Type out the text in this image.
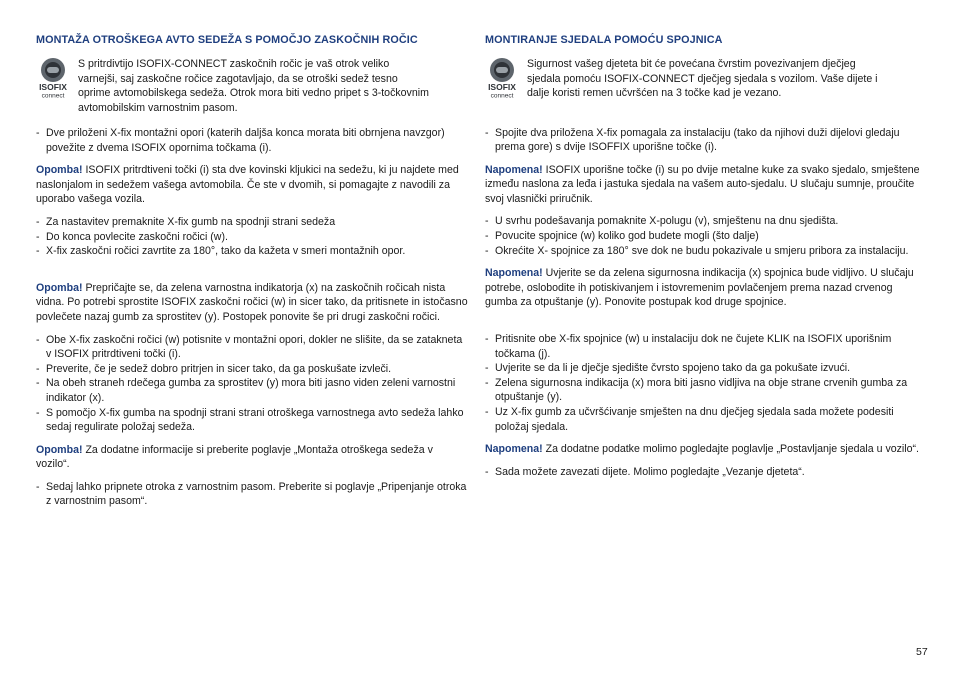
MONTAŽA OTROŠKEGA AVTO SEDEŽA S POMOČJO ZASKOČNIH ROČIC
ISOFIX
connect
S pritrdivtijo ISOFIX-CONNECT zaskočnih ročic je vaš otrok veliko
varnejši, saj zaskočne ročice zagotavljajo, da se otroški sedež tesno
oprime avtomobilskega sedeža. Otrok mora biti vedno pripet s 3-točkovnim
avtomobilskim varnostnim pasom.
- Dve priloženi X-fix montažni opori (katerih daljša konca morata biti obrnjena navzgor) povežite z dvema ISOFIX opornima točkama (i).

Opomba! ISOFIX pritrdtiveni točki (i) sta dve kovinski kljukici na sedežu, ki ju najdete med naslonjalom in sedežem vašega avtomobila. Če ste v dvomih, si pomagajte z navodili za uporabo vašega vozila.

- Za nastavitev premaknite X-fix gumb na spodnji strani sedeža
- Do konca povlecite zaskočni ročici (w).
- X-fix zaskočni ročici zavrtite za 180°, tako da kažeta v smeri montažnih opor.

Opomba! Prepričajte se, da zelena varnostna indikatorja (x) na zaskočnih ročicah nista vidna. Po potrebi sprostite ISOFIX zaskočni ročici (w) in sicer tako, da pritisnete in istočasno povlečete nazaj gumb za sprostitev (y). Postopek ponovite še pri drugi zaskočni ročici.

- Obe X-fix zaskočni ročici (w) potisnite v montažni opori, dokler ne slišite, da se zatakneta v ISOFIX pritrdtiveni točki (i).
- Preverite, če je sedež dobro pritrjen in sicer tako, da ga poskušate izvleči.
- Na obeh straneh rdečega gumba za sprostitev (y) mora biti jasno viden zeleni varnostni indikator (x).
- S pomočjo X-fix gumba na spodnji strani strani otroškega varnostnega avto sedeža lahko sedaj regulirate položaj sedeža.

Opomba! Za dodatne informacije si preberite poglavje „Montaža otroškega sedeža v vozilo“.

- Sedaj lahko pripnete otroka z varnostnim pasom. Preberite si poglavje „Pripenjanje otroka z varnostnim pasom“.
MONTIRANJE SJEDALA POMOĆU SPOJNICA
ISOFIX
connect
Sigurnost vašeg djeteta bit će povećana čvrstim povezivanjem dječjeg
sjedala pomoću ISOFIX-CONNECT dječjeg sjedala s vozilom. Vaše dijete i
dalje koristi remen učvršćen na 3 točke kad je vezano.
- Spojite dva priložena X-fix pomagala za instalaciju (tako da njihovi duži dijelovi gledaju prema gore) s dvije ISOFFIX uporišne točke (i).

Napomena! ISOFIX uporišne točke (i) su po dvije metalne kuke za svako sjedalo, smještene između naslona za leđa i jastuka sjedala na vašem auto-sjedalu. U slučaju sumnje, proučite svoj vlasnički priručnik.

- U svrhu podešavanja pomaknite X-polugu (v), smještenu na dnu sjedišta.
- Povucite spojnice (w) koliko god budete mogli (što dalje)
- Okrećite X- spojnice za 180° sve dok ne budu pokazivale u smjeru pribora za instalaciju.

Napomena! Uvjerite se da zelena sigurnosna indikacija (x) spojnica bude vidljivo. U slučaju potrebe, oslobodite ih potiskivanjem i istovremenim povlačenjem prema nazad crvenog gumba za otpuštanje (y). Ponovite postupak kod druge spojnice.

- Pritisnite obe X-fix spojnice (w) u instalaciju dok ne čujete KLIK na ISOFIX uporišnim točkama (j).
- Uvjerite se da li je dječje sjedište čvrsto spojeno tako da ga pokušate izvući.
- Zelena sigurnosna indikacija (x) mora biti jasno vidljiva na obje strane crvenih gumba za otpuštanje (y).
- Uz X-fix gumb za učvršćivanje smješten na dnu dječjeg sjedala sada možete podesiti položaj sjedala.

Napomena! Za dodatne podatke molimo pogledajte poglavlje „Postavljanje sjedala u vozilo“.

- Sada možete zavezati dijete. Molimo pogledajte „Vezanje djeteta“.
57
